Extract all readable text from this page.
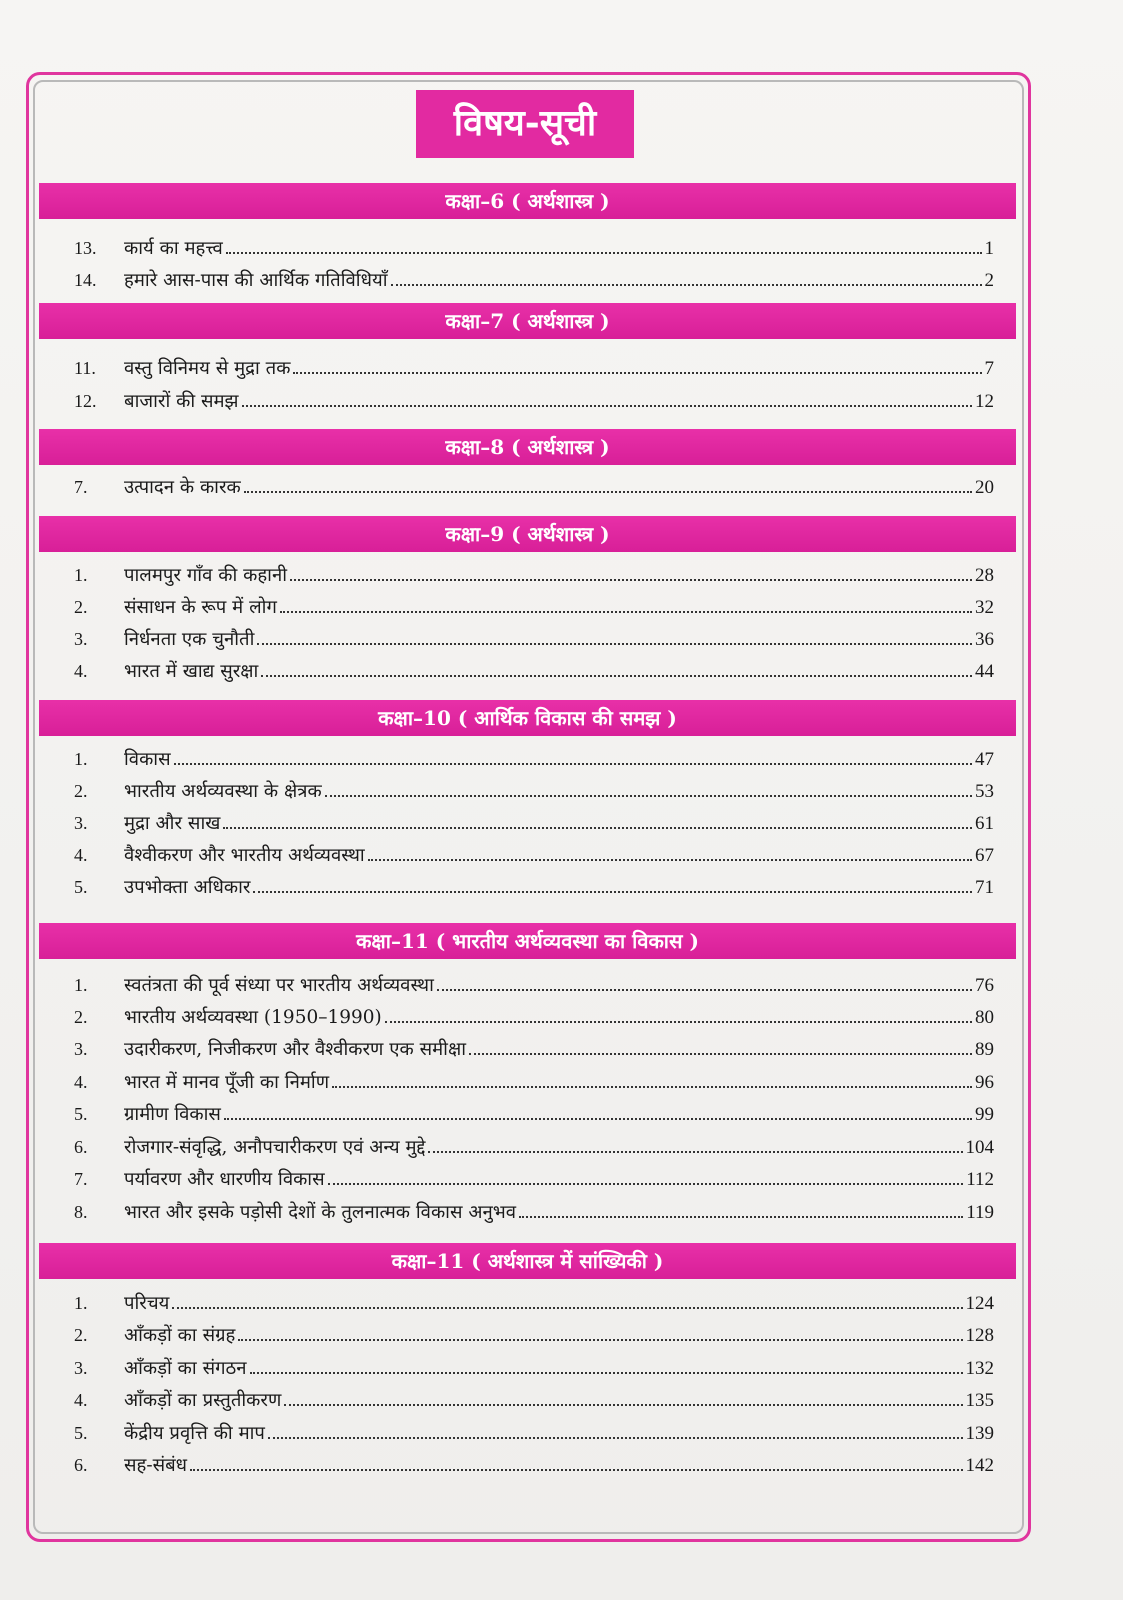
विषय-सूची
कक्षा–6 ( अर्थशास्त्र )
13.	कार्य का महत्त्व	1
14.	हमारे आस-पास की आर्थिक गतिविधियाँ	2
कक्षा–7 ( अर्थशास्त्र )
11.	वस्तु विनिमय से मुद्रा तक	7
12.	बाजारों की समझ	12
कक्षा–8 ( अर्थशास्त्र )
7.	उत्पादन के कारक	20
कक्षा–9 ( अर्थशास्त्र )
1.	पालमपुर गाँव की कहानी	28
2.	संसाधन के रूप में लोग	32
3.	निर्धनता एक चुनौती	36
4.	भारत में खाद्य सुरक्षा	44
कक्षा–10 ( आर्थिक विकास की समझ )
1.	विकास	47
2.	भारतीय अर्थव्यवस्था के क्षेत्रक	53
3.	मुद्रा और साख	61
4.	वैश्वीकरण और भारतीय अर्थव्यवस्था	67
5.	उपभोक्ता अधिकार	71
कक्षा–11 ( भारतीय अर्थव्यवस्था का विकास )
1.	स्वतंत्रता की पूर्व संध्या पर भारतीय अर्थव्यवस्था	76
2.	भारतीय अर्थव्यवस्था (1950–1990)	80
3.	उदारीकरण, निजीकरण और वैश्वीकरण एक समीक्षा	89
4.	भारत में मानव पूँजी का निर्माण	96
5.	ग्रामीण विकास	99
6.	रोजगार-संवृद्धि, अनौपचारीकरण एवं अन्य मुद्दे	104
7.	पर्यावरण और धारणीय विकास	112
8.	भारत और इसके पड़ोसी देशों के तुलनात्मक विकास अनुभव	119
कक्षा–11 ( अर्थशास्त्र में सांख्यिकी )
1.	परिचय	124
2.	आँकड़ों का संग्रह	128
3.	आँकड़ों का संगठन	132
4.	आँकड़ों का प्रस्तुतीकरण	135
5.	केंद्रीय प्रवृत्ति की माप	139
6.	सह-संबंध	142
